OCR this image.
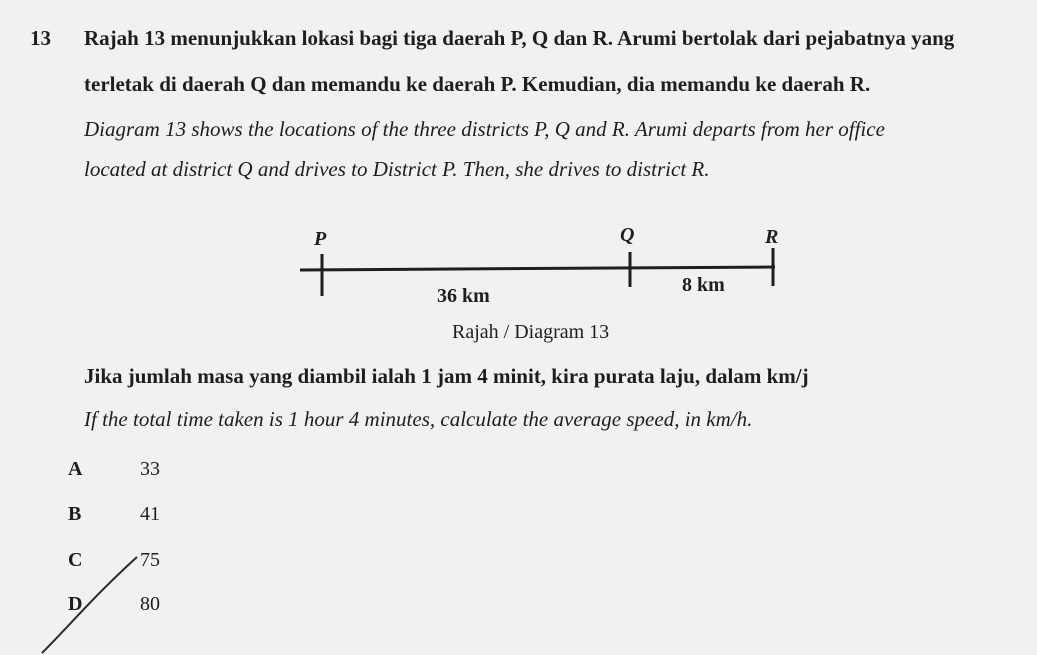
13 Rajah 13 menunjukkan lokasi bagi tiga daerah P, Q dan R. Arumi bertolak dari pejabatnya yang
terletak di daerah Q dan memandu ke daerah P. Kemudian, dia memandu ke daerah R.
Diagram 13 shows the locations of the three districts P, Q and R. Arumi departs from her office
located at district Q and drives to District P. Then, she drives to district R.
P	Q	R
36 km	8 km
Rajah / Diagram 13
Jika jumlah masa yang diambil ialah 1 jam 4 minit, kira purata laju, dalam km/j
If the total time taken is 1 hour 4 minutes, calculate the average speed, in km/h.
A	33
B	41
C	75
D	80
